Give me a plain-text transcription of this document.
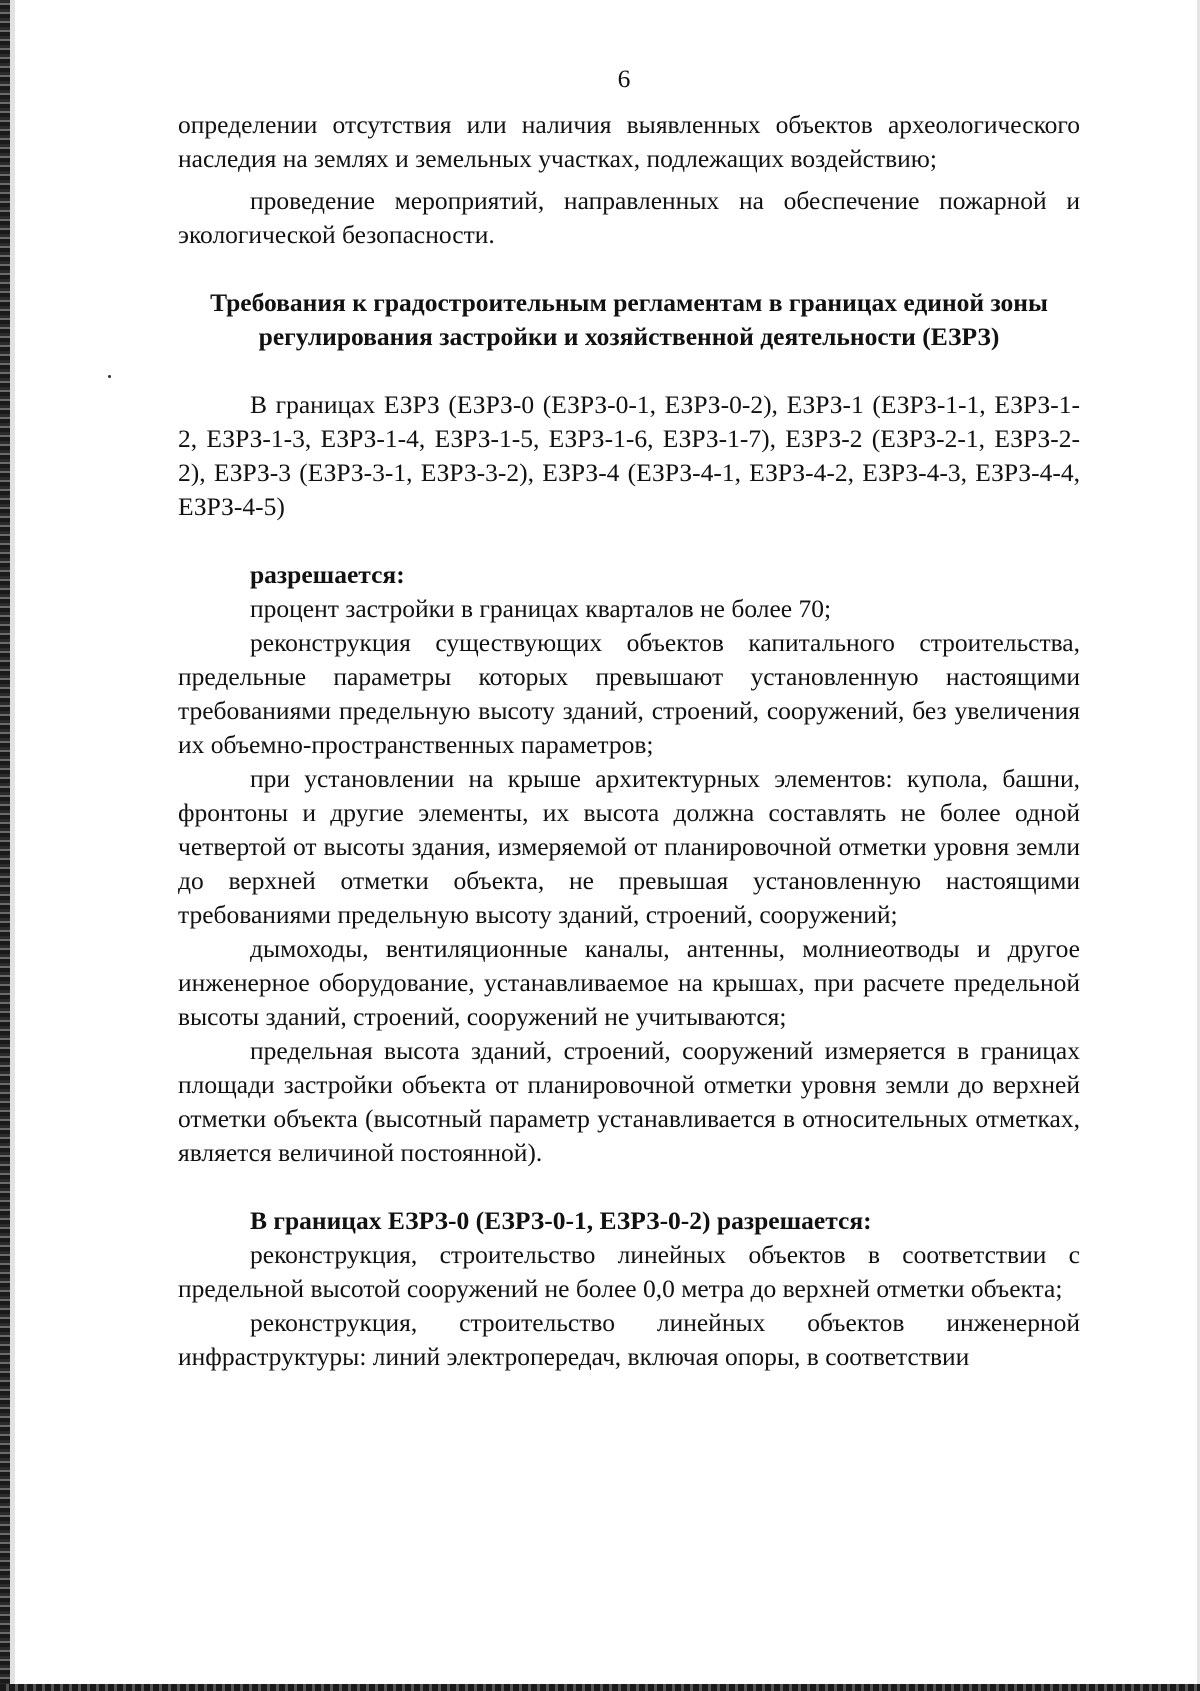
6

определении отсутствия или наличия выявленных объектов археологического наследия на землях и земельных участках, подлежащих воздействию;

проведение мероприятий, направленных на обеспечение пожарной и экологической безопасности.

Требования к градостроительным регламентам в границах единой зоны регулирования застройки и хозяйственной деятельности (ЕЗРЗ)

В границах ЕЗРЗ (ЕЗРЗ-0 (ЕЗРЗ-0-1, ЕЗРЗ-0-2), ЕЗРЗ-1 (ЕЗРЗ-1-1, ЕЗРЗ-1-2, ЕЗРЗ-1-3, ЕЗРЗ-1-4, ЕЗРЗ-1-5, ЕЗРЗ-1-6, ЕЗРЗ-1-7), ЕЗРЗ-2 (ЕЗРЗ-2-1, ЕЗРЗ-2-2), ЕЗРЗ-3 (ЕЗРЗ-3-1, ЕЗРЗ-3-2), ЕЗРЗ-4 (ЕЗРЗ-4-1, ЕЗРЗ-4-2, ЕЗРЗ-4-3, ЕЗРЗ-4-4, ЕЗРЗ-4-5)

разрешается:

процент застройки в границах кварталов не более 70;

реконструкция существующих объектов капитального строительства, предельные параметры которых превышают установленную настоящими требованиями предельную высоту зданий, строений, сооружений, без увеличения их объемно-пространственных параметров;

при установлении на крыше архитектурных элементов: купола, башни, фронтоны и другие элементы, их высота должна составлять не более одной четвертой от высоты здания, измеряемой от планировочной отметки уровня земли до верхней отметки объекта, не превышая установленную настоящими требованиями предельную высоту зданий, строений, сооружений;

дымоходы, вентиляционные каналы, антенны, молниеотводы и другое инженерное оборудование, устанавливаемое на крышах, при расчете предельной высоты зданий, строений, сооружений не учитываются;

предельная высота зданий, строений, сооружений измеряется в границах площади застройки объекта от планировочной отметки уровня земли до верхней отметки объекта (высотный параметр устанавливается в относительных отметках, является величиной постоянной).

В границах ЕЗРЗ-0 (ЕЗРЗ-0-1, ЕЗРЗ-0-2) разрешается:

реконструкция, строительство линейных объектов в соответствии с предельной высотой сооружений не более 0,0 метра до верхней отметки объекта;

реконструкция, строительство линейных объектов инженерной инфраструктуры: линий электропередач, включая опоры, в соответствии
